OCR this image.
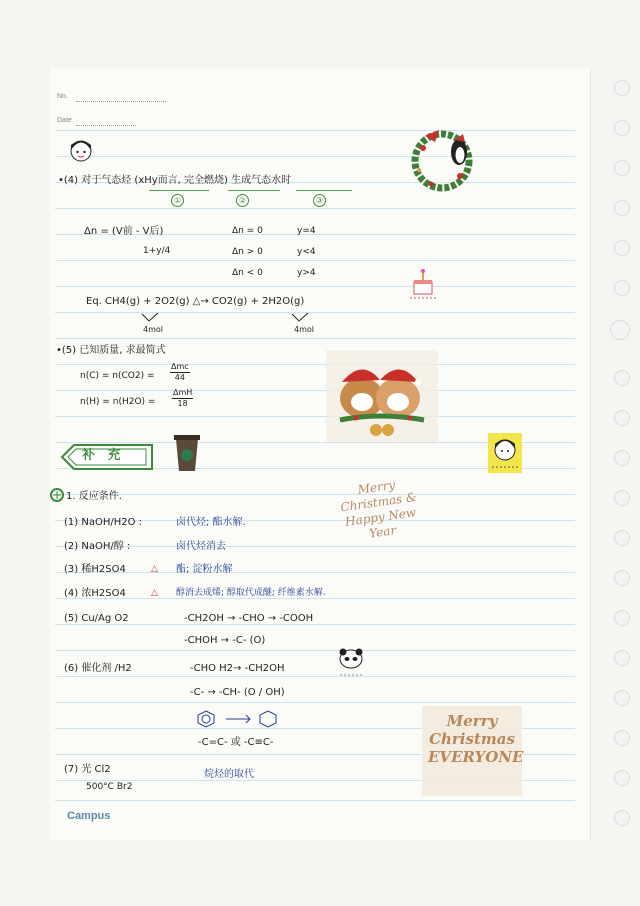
No.
Date
•(4) 对于气态烃 (xHy而言, 完全燃烧) 生成气态水时
①	②	③
Δn = (V前 - V后)
1+y/4
Δn = 0	y=4
Δn > 0	y<4
Δn < 0	y>4
Eq. CH4(g) + 2O2(g) △→ CO2(g) + 2H2O(g)
4mol	4mol
•(5) 已知质量, 求最简式
n(C) = n(CO2) =
Δmc
44
n(H) = n(H2O) =
ΔmH
18
补 充
1. 反应条件.
(1) NaOH/H2O :	卤代烃; 酯水解.
(2) NaOH/醇 :	卤代烃消去
(3) 稀H2SO4	△ 酯; 淀粉水解
(4) 浓H2SO4	△ 醇消去成烯; 醇取代成醚; 纤维素水解.
(5) Cu/Ag O2	-CH2OH → -CHO → -COOH
-CHOH → -C- (O)
(6) 催化剂 /H2	-CHO H2→ -CH2OH
-C- → -CH- (O / OH)
-C=C- 或 -C≡C-
(7) 光 Cl2	烷烃的取代
500°C Br2
Merry Christmas & Happy New Year
Merry Christmas EVERYONE
Campus
